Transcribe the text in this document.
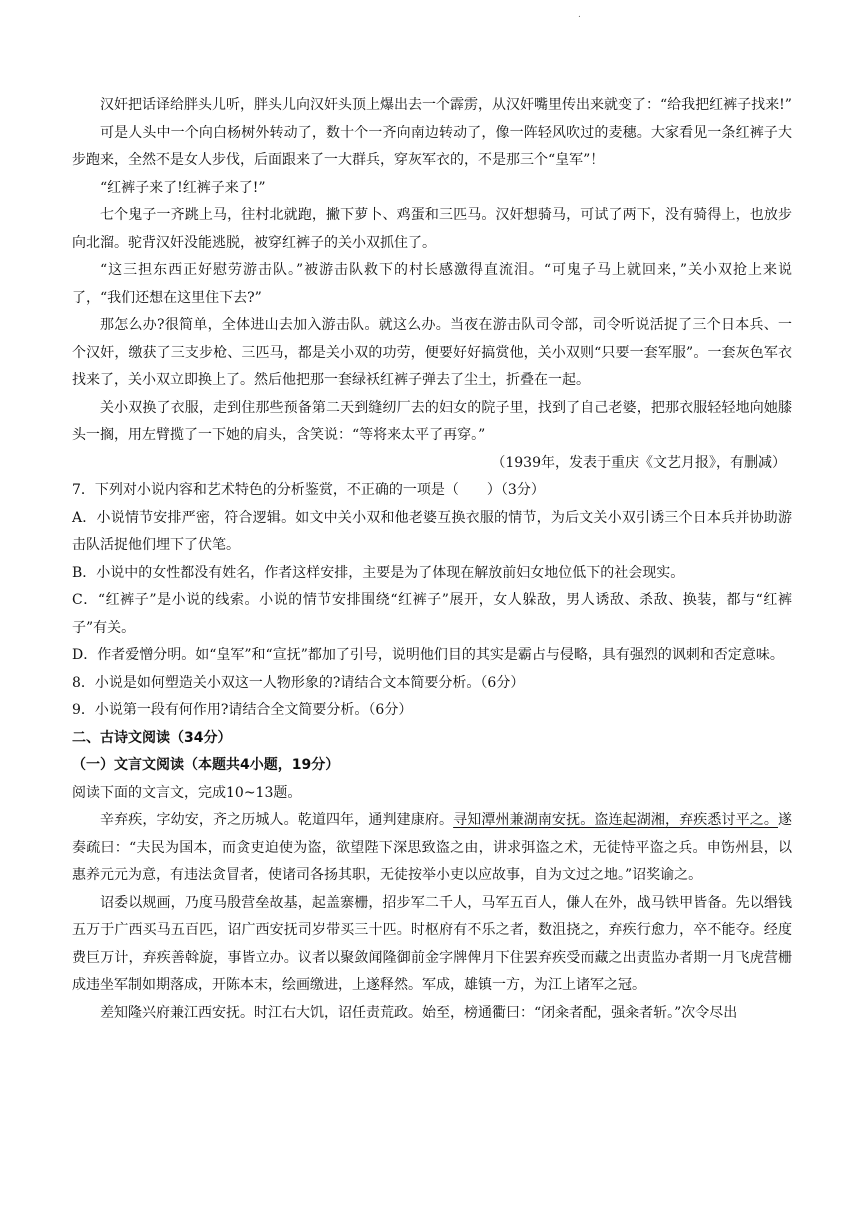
.

汉奸把话译给胖头儿听，胖头儿向汉奸头顶上爆出去一个霹雳，从汉奸嘴里传出来就变了：“给我把红裤子找来!”

可是人头中一个向白杨树外转动了，数十个一齐向南边转动了，像一阵轻风吹过的麦穗。大家看见一条红裤子大步跑来，全然不是女人步伐，后面跟来了一大群兵，穿灰军衣的，不是那三个“皇军”！

“红裤子来了!红裤子来了!”

七个鬼子一齐跳上马，往村北就跑，撇下萝卜、鸡蛋和三匹马。汉奸想骑马，可试了两下，没有骑得上，也放步向北溜。驼背汉奸没能逃脱，被穿红裤子的关小双抓住了。

“这三担东西正好慰劳游击队。”被游击队救下的村长感激得直流泪。“可鬼子马上就回来，”关小双抢上来说了，“我们还想在这里住下去?”

那怎么办?很简单，全体进山去加入游击队。就这么办。当夜在游击队司令部，司令听说活捉了三个日本兵、一个汉奸，缴获了三支步枪、三匹马，都是关小双的功劳，便要好好搞赏他，关小双则“只要一套军服”。一套灰色军衣找来了，关小双立即换上了。然后他把那一套绿袄红裤子弹去了尘土，折叠在一起。

关小双换了衣服，走到住那些预备第二天到缝纫厂去的妇女的院子里，找到了自己老婆，把那衣服轻轻地向她膝头一搁，用左臂揽了一下她的肩头，含笑说：“等将来太平了再穿。”

（1939年，发表于重庆《文艺月报》，有删减）

7．下列对小说内容和艺术特色的分析鉴赏，不正确的一项是（　　）（3分）

A．小说情节安排严密，符合逻辑。如文中关小双和他老婆互换衣服的情节，为后文关小双引诱三个日本兵并协助游击队活捉他们埋下了伏笔。

B．小说中的女性都没有姓名，作者这样安排，主要是为了体现在解放前妇女地位低下的社会现实。

C．“红裤子”是小说的线索。小说的情节安排围绕“红裤子”展开，女人躲敌，男人诱敌、杀敌、换装，都与“红裤子”有关。

D．作者爱憎分明。如“皇军”和“宣抚”都加了引号，说明他们目的其实是霸占与侵略，具有强烈的讽刺和否定意味。

8．小说是如何塑造关小双这一人物形象的?请结合文本简要分析。（6分）

9．小说第一段有何作用?请结合全文简要分析。（6分）

二、古诗文阅读（34分）

（一）文言文阅读（本题共4小题，19分）

阅读下面的文言文，完成10~13题。

辛弃疾，字幼安，齐之历城人。乾道四年，通判建康府。寻知潭州兼湖南安抚。盗连起湖湘，弃疾悉讨平之。遂奏疏曰：“夫民为国本，而贪吏迫使为盗，欲望陛下深思致盗之由，讲求弭盗之术，无徒恃平盗之兵。申饬州县，以惠养元元为意，有违法贪冒者，使诸司各扬其职，无徒按举小吏以应故事，自为文过之地。”诏奖谕之。

诏委以规画，乃度马殷营垒故基，起盖寨栅，招步军二千人，马军五百人，傔人在外，战马铁甲皆备。先以缗钱五万于广西买马五百匹，诏广西安抚司岁带买三十匹。时枢府有不乐之者，数沮挠之，弃疾行愈力，卒不能夺。经度费巨万计，弃疾善斡旋，事皆立办。议者以聚敛闻隆御前金字牌俾月下住罢弃疾受而藏之出责监办者期一月飞虎营栅成违坐军制如期落成，开陈本末，绘画缴进，上遂释然。军成，雄镇一方，为江上诸军之冠。

差知隆兴府兼江西安抚。时江右大饥，诏任责荒政。始至，榜通衢曰：“闭籴者配，强籴者斩。”次令尽出
